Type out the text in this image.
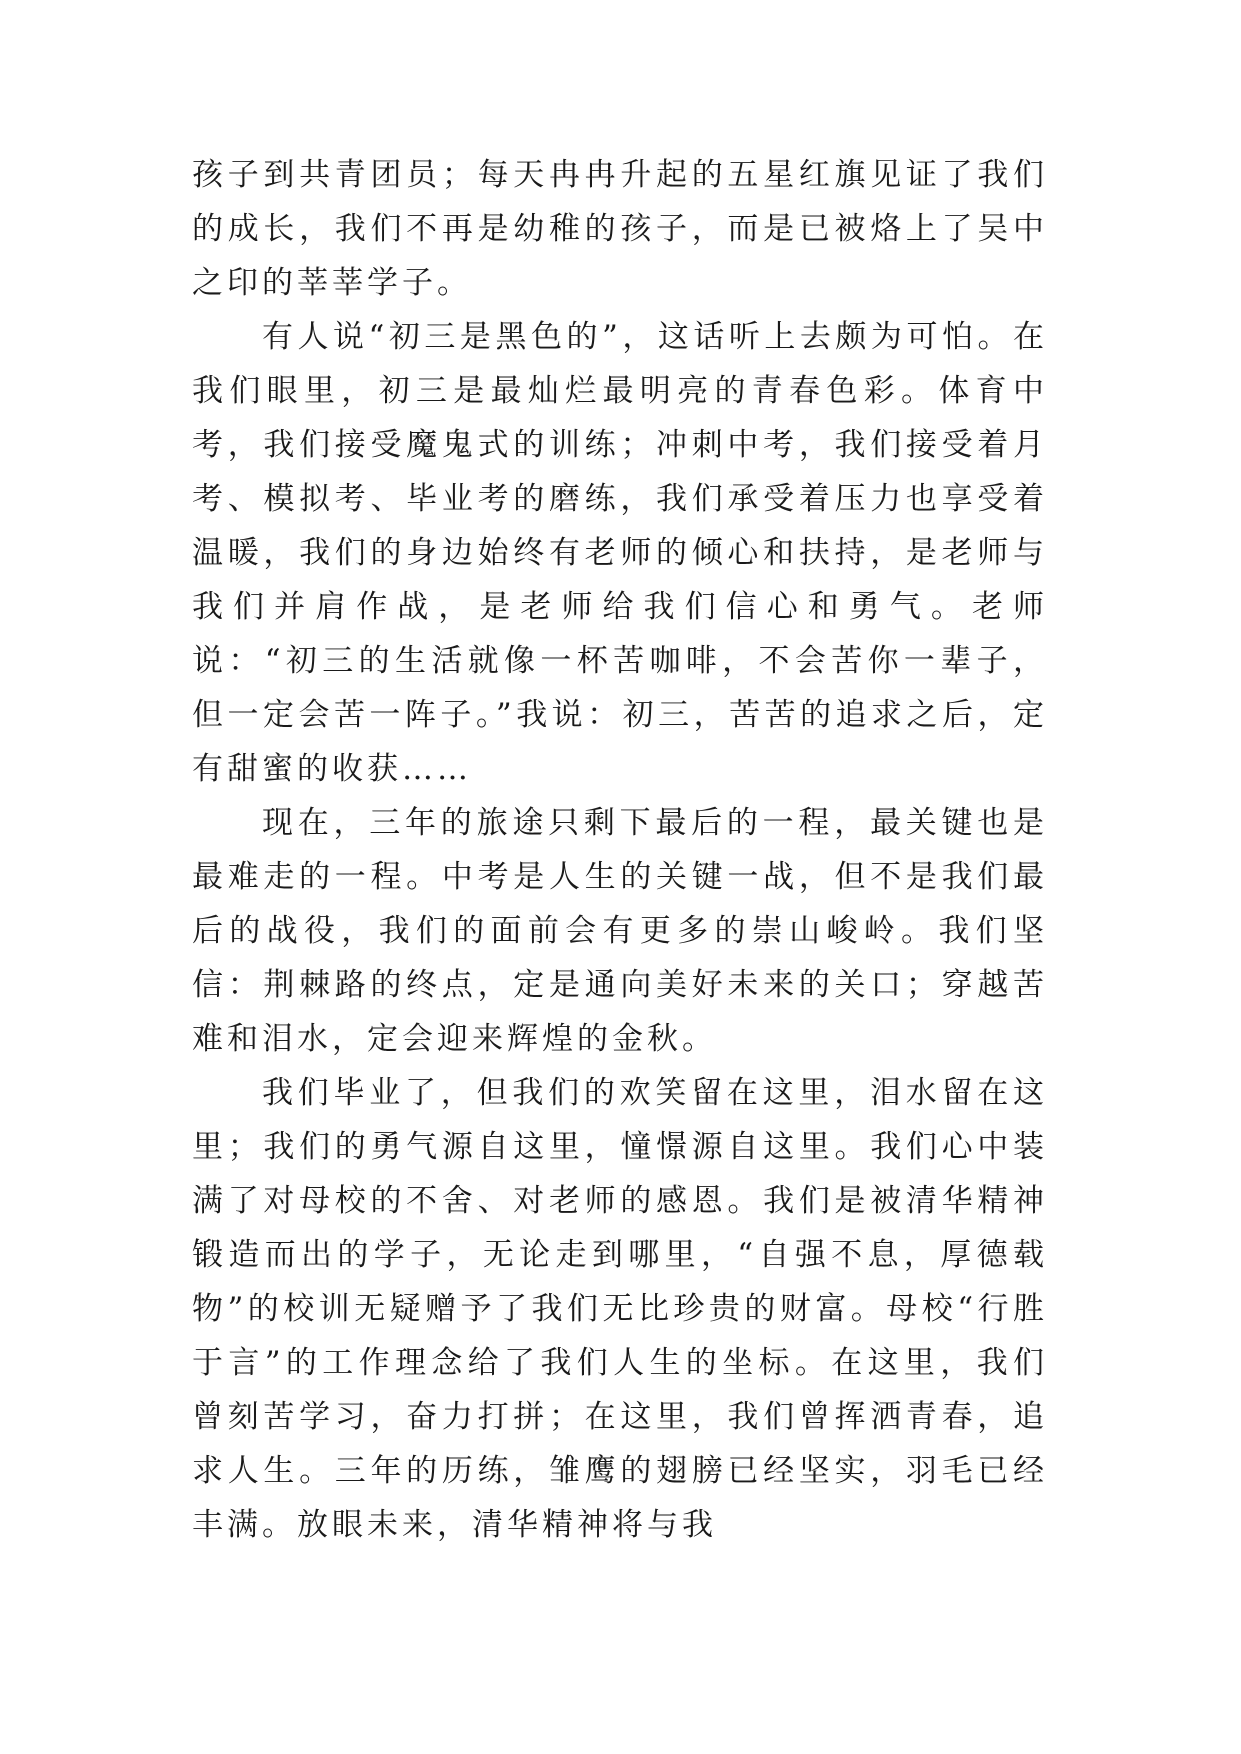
孩子到共青团员；每天冉冉升起的五星红旗见证了我们的成长，我们不再是幼稚的孩子，而是已被烙上了吴中之印的莘莘学子。

有人说“初三是黑色的”，这话听上去颇为可怕。在我们眼里，初三是最灿烂最明亮的青春色彩。体育中考，我们接受魔鬼式的训练；冲刺中考，我们接受着月考、模拟考、毕业考的磨练，我们承受着压力也享受着温暖，我们的身边始终有老师的倾心和扶持，是老师与我们并肩作战，是老师给我们信心和勇气。老师说：“初三的生活就像一杯苦咖啡，不会苦你一辈子，但一定会苦一阵子。”我说：初三，苦苦的追求之后，定有甜蜜的收获……

现在，三年的旅途只剩下最后的一程，最关键也是最难走的一程。中考是人生的关键一战，但不是我们最后的战役，我们的面前会有更多的崇山峻岭。我们坚信：荆棘路的终点，定是通向美好未来的关口；穿越苦难和泪水，定会迎来辉煌的金秋。

我们毕业了，但我们的欢笑留在这里，泪水留在这里；我们的勇气源自这里，憧憬源自这里。我们心中装满了对母校的不舍、对老师的感恩。我们是被清华精神锻造而出的学子，无论走到哪里，“自强不息，厚德载物”的校训无疑赠予了我们无比珍贵的财富。母校“行胜于言”的工作理念给了我们人生的坐标。在这里，我们曾刻苦学习，奋力打拼；在这里，我们曾挥洒青春，追求人生。三年的历练，雏鹰的翅膀已经坚实，羽毛已经丰满。放眼未来，清华精神将与我
